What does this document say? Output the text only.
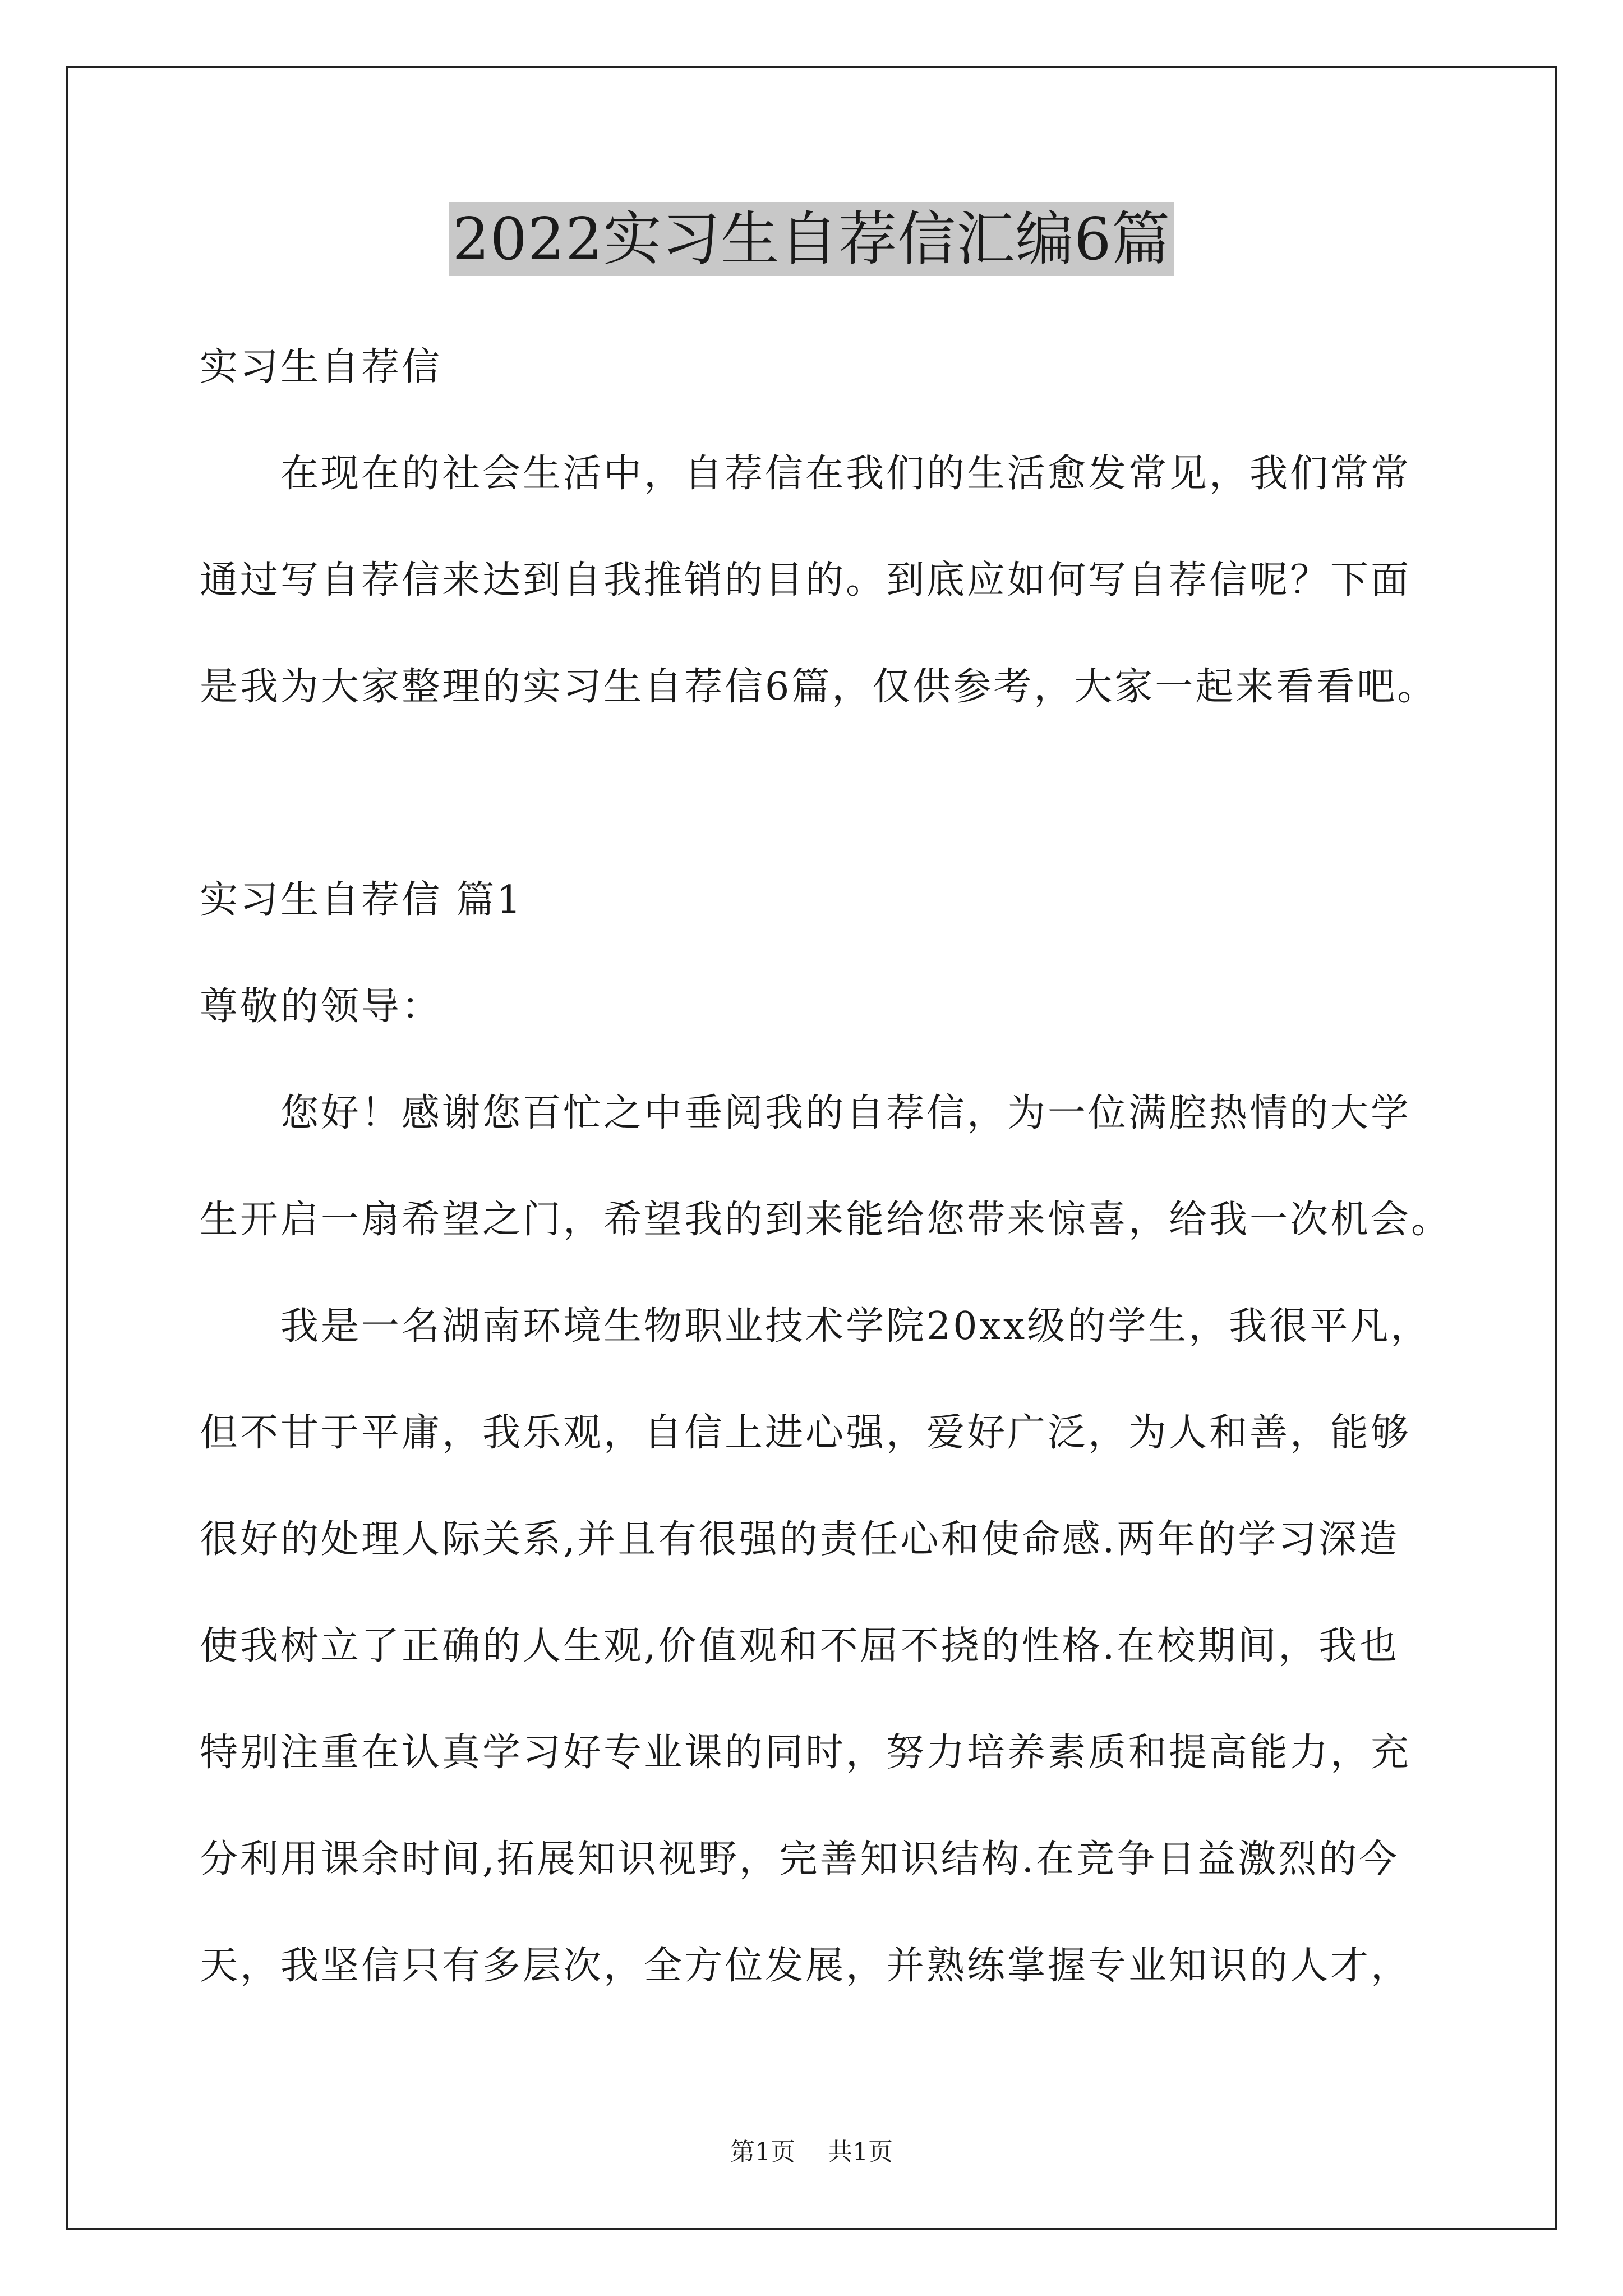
2022实习生自荐信汇编6篇
实习生自荐信
在现在的社会生活中，自荐信在我们的生活愈发常见，我们常常
通过写自荐信来达到自我推销的目的。到底应如何写自荐信呢？下面
是我为大家整理的实习生自荐信6篇，仅供参考，大家一起来看看吧。
实习生自荐信 篇1
尊敬的领导：
您好！感谢您百忙之中垂阅我的自荐信，为一位满腔热情的大学
生开启一扇希望之门，希望我的到来能给您带来惊喜，给我一次机会。
我是一名湖南环境生物职业技术学院20xx级的学生，我很平凡，
但不甘于平庸，我乐观，自信上进心强，爱好广泛，为人和善，能够
很好的处理人际关系,并且有很强的责任心和使命感.两年的学习深造
使我树立了正确的人生观,价值观和不屈不挠的性格.在校期间，我也
特别注重在认真学习好专业课的同时，努力培养素质和提高能力，充
分利用课余时间,拓展知识视野，完善知识结构.在竞争日益激烈的今
天，我坚信只有多层次，全方位发展，并熟练掌握专业知识的人才，
第1页 共1页
